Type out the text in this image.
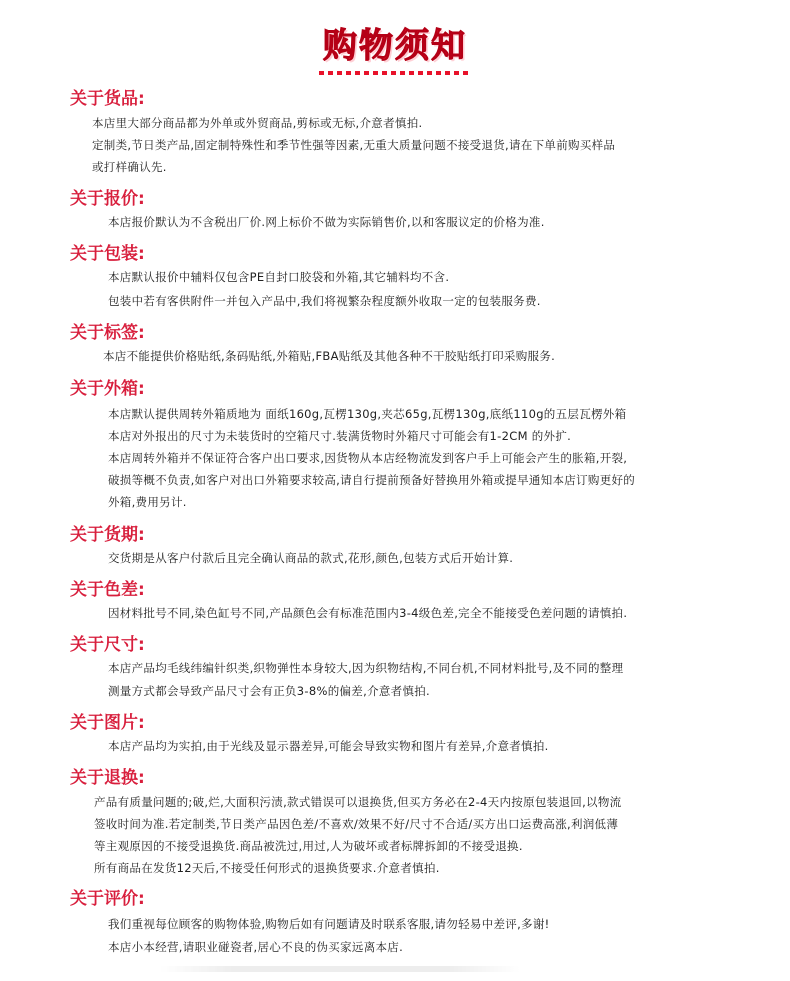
购物须知
关于货品:
本店里大部分商品都为外单或外贸商品,剪标或无标,介意者慎拍.
定制类,节日类产品,固定制特殊性和季节性强等因素,无重大质量问题不接受退货,请在下单前购买样品
或打样确认先.
关于报价:
本店报价默认为不含税出厂价.网上标价不做为实际销售价,以和客服议定的价格为准.
关于包装:
本店默认报价中辅料仅包含PE自封口胶袋和外箱,其它辅料均不含.
包装中若有客供附件一并包入产品中,我们将视繁杂程度额外收取一定的包装服务费.
关于标签:
本店不能提供价格贴纸,条码贴纸,外箱贴,FBA贴纸及其他各种不干胶贴纸打印采购服务.
关于外箱:
本店默认提供周转外箱质地为 面纸160g,瓦楞130g,夹芯65g,瓦楞130g,底纸110g的五层瓦楞外箱
本店对外报出的尺寸为未装货时的空箱尺寸.装满货物时外箱尺寸可能会有1-2CM 的外扩.
本店周转外箱并不保证符合客户出口要求,因货物从本店经物流发到客户手上可能会产生的胀箱,开裂,
破损等概不负责,如客户对出口外箱要求较高,请自行提前预备好替换用外箱或提早通知本店订购更好的
外箱,费用另计.
关于货期:
交货期是从客户付款后且完全确认商品的款式,花形,颜色,包装方式后开始计算.
关于色差:
因材料批号不同,染色缸号不同,产品颜色会有标准范围内3-4级色差,完全不能接受色差问题的请慎拍.
关于尺寸:
本店产品均毛线纬编针织类,织物弹性本身较大,因为织物结构,不同台机,不同材料批号,及不同的整理
测量方式都会导致产品尺寸会有正负3-8%的偏差,介意者慎拍.
关于图片:
本店产品均为实拍,由于光线及显示器差异,可能会导致实物和图片有差异,介意者慎拍.
关于退换:
产品有质量问题的;破,烂,大面积污渍,款式错误可以退换货,但买方务必在2-4天内按原包装退回,以物流
签收时间为准.若定制类,节日类产品因色差/不喜欢/效果不好/尺寸不合适/买方出口运费高涨,利润低薄
等主观原因的不接受退换货.商品被洗过,用过,人为破坏或者标牌拆卸的不接受退换.
所有商品在发货12天后,不接受任何形式的退换货要求.介意者慎拍.
关于评价:
我们重视每位顾客的购物体验,购物后如有问题请及时联系客服,请勿轻易中差评,多谢!
本店小本经营,请职业碰瓷者,居心不良的伪买家远离本店.
